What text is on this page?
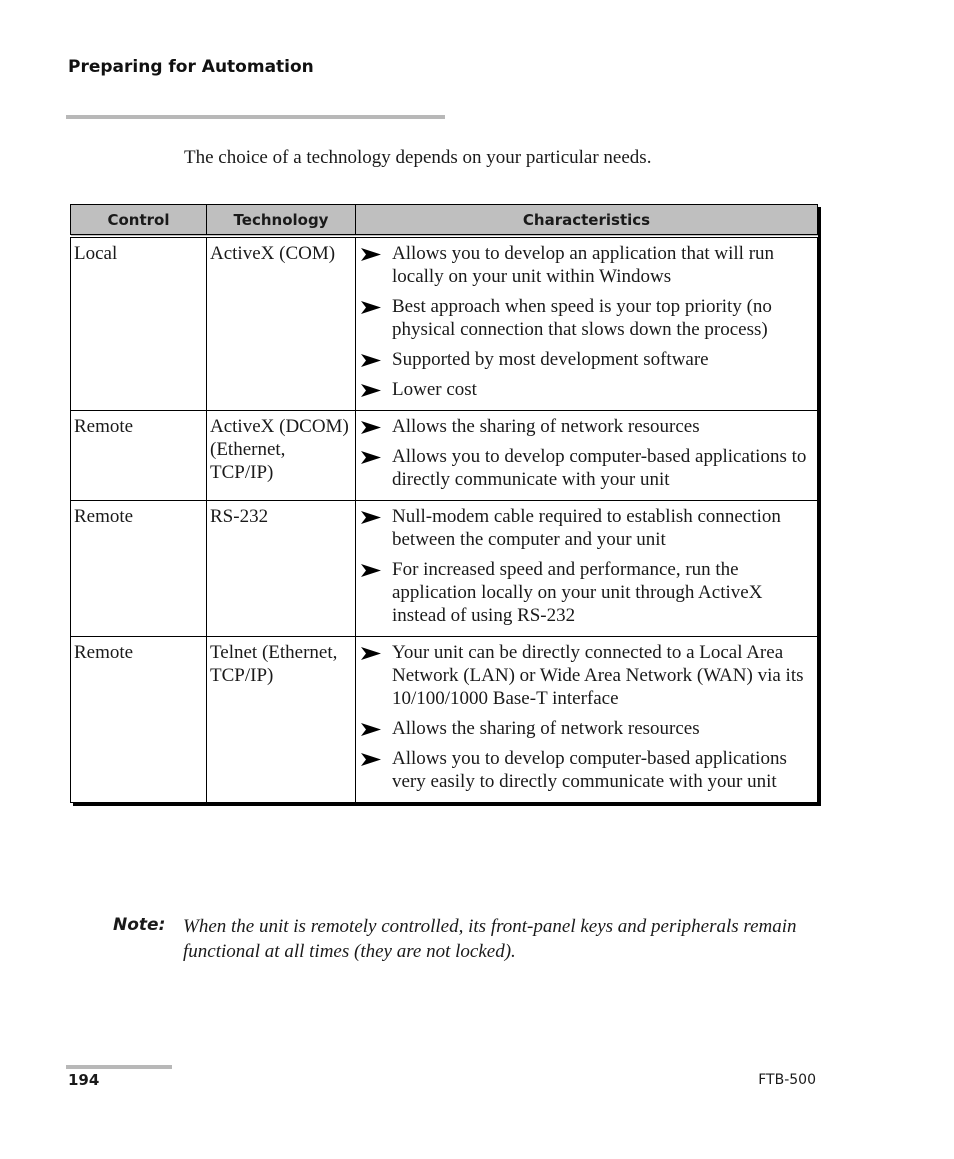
Preparing for Automation

The choice of a technology depends on your particular needs.

Control	Technology	Characteristics

Local	ActiveX (COM)	Allows you to develop an application that will run locally on your unit within Windows
Best approach when speed is your top priority (no physical connection that slows down the process)
Supported by most development software
Lower cost

Remote	ActiveX (DCOM) (Ethernet, TCP/IP)	Allows the sharing of network resources
Allows you to develop computer-based applications to directly communicate with your unit

Remote	RS-232	Null-modem cable required to establish connection between the computer and your unit
For increased speed and performance, run the application locally on your unit through ActiveX instead of using RS-232

Remote	Telnet (Ethernet, TCP/IP)	Your unit can be directly connected to a Local Area Network (LAN) or Wide Area Network (WAN) via its 10/100/1000 Base-T interface
Allows the sharing of network resources
Allows you to develop computer-based applications very easily to directly communicate with your unit

Note: When the unit is remotely controlled, its front-panel keys and peripherals remain functional at all times (they are not locked).

194	FTB-500
